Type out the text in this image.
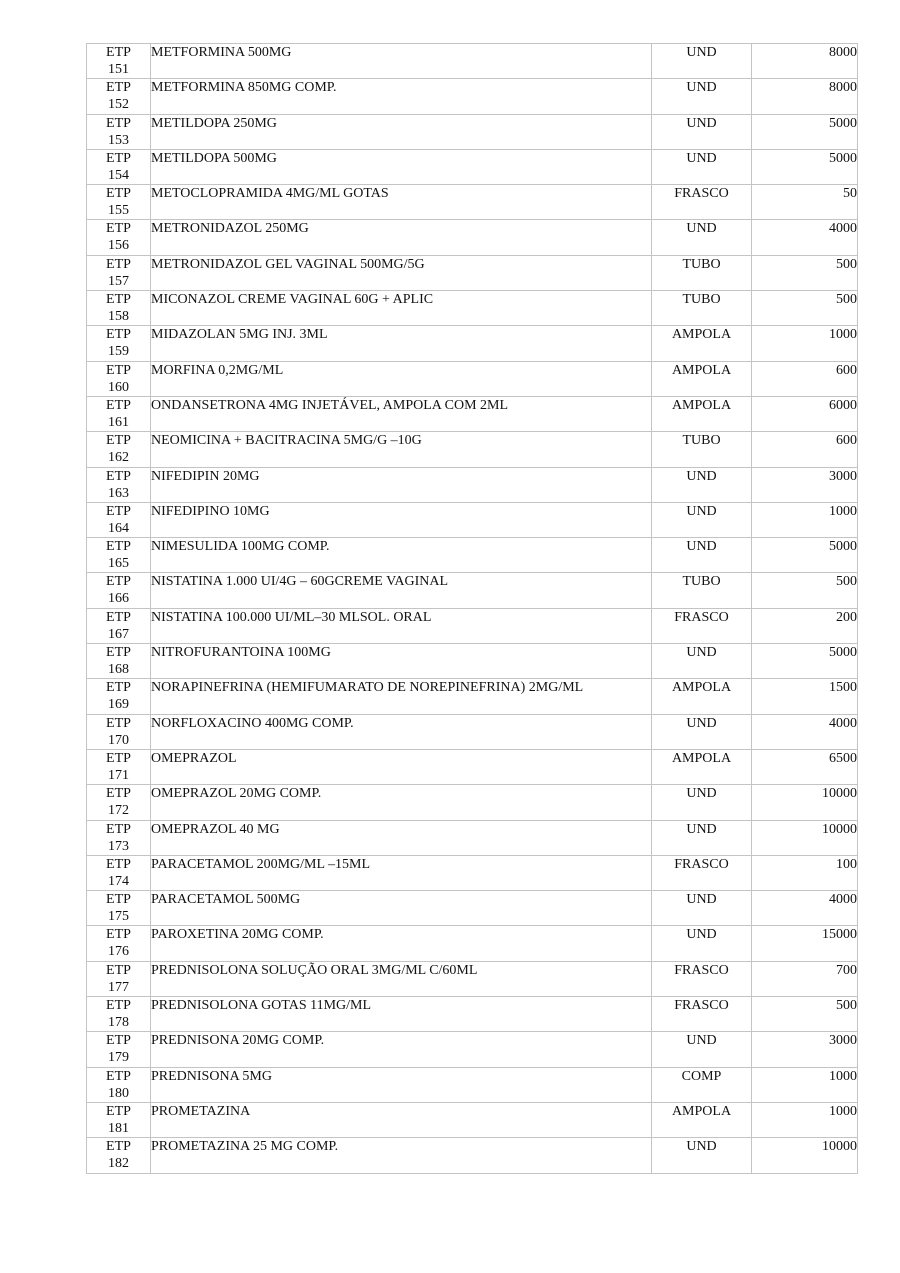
ETP
151	METFORMINA 500MG	UND	8000

ETP
152	METFORMINA 850MG COMP.	UND	8000

ETP
153	METILDOPA 250MG	UND	5000

ETP
154	METILDOPA 500MG	UND	5000

ETP
155	METOCLOPRAMIDA 4MG/ML GOTAS	FRASCO	50

ETP
156	METRONIDAZOL 250MG	UND	4000

ETP
157	METRONIDAZOL GEL VAGINAL 500MG/5G	TUBO	500

ETP
158	MICONAZOL CREME VAGINAL 60G + APLIC	TUBO	500

ETP
159	MIDAZOLAN 5MG INJ. 3ML	AMPOLA	1000

ETP
160	MORFINA 0,2MG/ML	AMPOLA	600

ETP
161	ONDANSETRONA 4MG INJETÁVEL, AMPOLA COM 2ML	AMPOLA	6000

ETP
162	NEOMICINA + BACITRACINA 5MG/G –10G	TUBO	600

ETP
163	NIFEDIPIN 20MG	UND	3000

ETP
164	NIFEDIPINO 10MG	UND	1000

ETP
165	NIMESULIDA 100MG COMP.	UND	5000

ETP
166	NISTATINA 1.000 UI/4G – 60GCREME VAGINAL	TUBO	500

ETP
167	NISTATINA 100.000 UI/ML–30 MLSOL. ORAL	FRASCO	200

ETP
168	NITROFURANTOINA 100MG	UND	5000

ETP
169	NORAPINEFRINA (HEMIFUMARATO DE NOREPINEFRINA) 2MG/ML	AMPOLA	1500

ETP
170	NORFLOXACINO 400MG COMP.	UND	4000

ETP
171	OMEPRAZOL	AMPOLA	6500

ETP
172	OMEPRAZOL 20MG COMP.	UND	10000

ETP
173	OMEPRAZOL 40 MG	UND	10000

ETP
174	PARACETAMOL 200MG/ML –15ML	FRASCO	100

ETP
175	PARACETAMOL 500MG	UND	4000

ETP
176	PAROXETINA 20MG COMP.	UND	15000

ETP
177	PREDNISOLONA SOLUÇÃO ORAL 3MG/ML C/60ML	FRASCO	700

ETP
178	PREDNISOLONA GOTAS 11MG/ML	FRASCO	500

ETP
179	PREDNISONA 20MG COMP.	UND	3000

ETP
180	PREDNISONA 5MG	COMP	1000

ETP
181	PROMETAZINA	AMPOLA	1000

ETP
182	PROMETAZINA 25 MG COMP.	UND	10000
